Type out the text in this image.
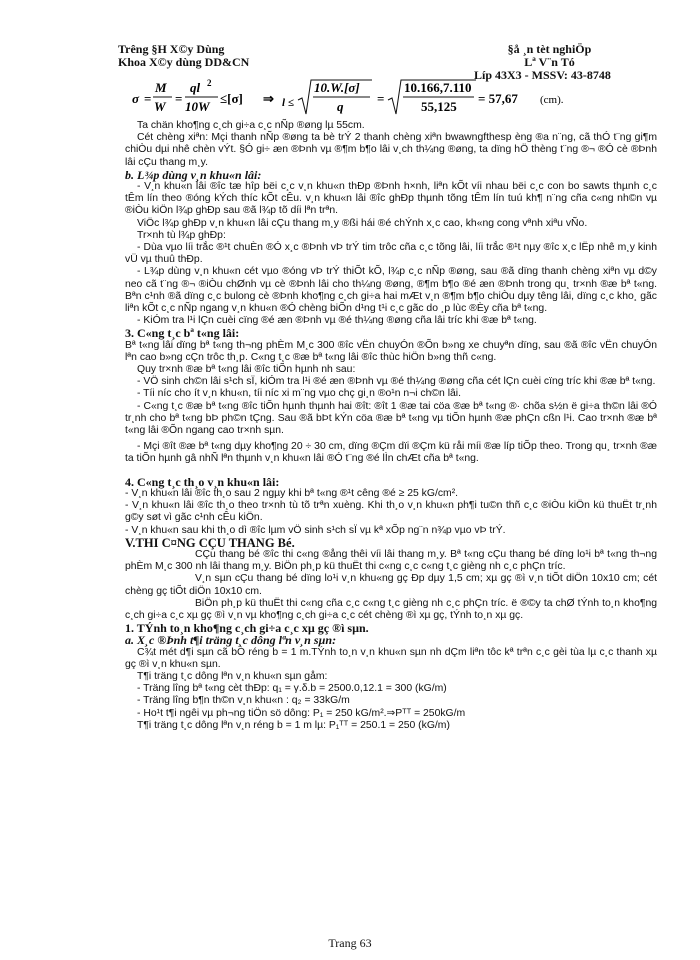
Trêng §H X©y Dùng
Khoa X©y dùng DD&CN
§å ¸n tèt nghiÖp
Lª V¨n Tó
Líp 43X3 - MSSV: 43-8748
σ =
M
W
=
ql 2
10W
≤[σ] ⇒ l ≤
10.W.[σ]
q
=
10.166,7.110
55,125
= 57,67 (cm).

Ta chän kho¶ng c¸ch gi÷a c¸c nÑp ®øng lµ 55cm.

Cét chèng xiªn: Mçi thanh nÑp ®øng ta bè trÝ 2 thanh chèng xiªn bwawngfthesp èng ®a n¨ng, cã thÓ t¨ng gi¶m chiÒu dµi nhê chèn vÝt. §Ó gi÷ æn ®Þnh vµ ®¶m b¶o lâi v¸ch th¼ng ®øng, ta dïng hÖ thèng t¨ng ®¬ ®Ó cè ®Þnh lâi cÇu thang m¸y.

b. L¾p dùng v¸n khu«n lâi:

- V¸n khu«n lâi ®îc tæ hîp bëi c¸c v¸n khu«n thÐp ®Þnh h×nh, liªn kÕt víi nhau bëi c¸c con bo sawts thµnh c¸c tÊm lín theo ®óng kÝch thíc kÕt cÊu. v¸n khu«n lâi ®îc ghÐp thµnh tõng tÊm lín tuú kh¶ n¨ng cña c«ng nh©n vµ ®iÒu kiÖn l¾p ghÐp sau ®ã l¾p tõ díi lªn trªn.

ViÖc l¾p ghÐp v¸n khu«n lâi cÇu thang m¸y ®ßi hái ®é chÝnh x¸c cao, kh«ng cong vªnh xiªu vÑo.

Tr×nh tù l¾p ghÐp:

- Dùa vµo líi trắc ®¹t chuÈn ®Ó x¸c ®Þnh vÞ trÝ tim trôc cña c¸c tõng lâi, líi trắc ®¹t nµy ®îc x¸c lËp nhê m¸y kinh vÜ vµ thuû thÐp.

- L¾p dùng v¸n khu«n cét vµo ®óng vÞ trÝ thiÕt kÕ, l¾p c¸c nÑp ®øng, sau ®ã dïng thanh chèng xiªn vµ d©y neo cã t¨ng ®¬ ®iÒu chØnh vµ cè ®Þnh lâi cho th¼ng ®øng, ®¶m b¶o ®é æn ®Þnh trong qu¸ tr×nh ®æ bª t«ng. Bªn c¹nh ®ã dïng c¸c bulong cè ®Þnh kho¶ng c¸ch gi÷a hai mÆt v¸n ®¶m b¶o chiÒu dµy têng lâi, dïng c¸c kho¸ gãc liªn kÕt c¸c nÑp ngang v¸n khu«n ®Ó chèng biÕn d¹ng t¹i c¸c gãc do ¸p lùc ®Èy cña bª t«ng.

- KiÓm tra l¹i lÇn cuèi cïng ®é æn ®Þnh vµ ®é th¼ng ®øng cña lâi tríc khi ®æ bª t«ng.

3. C«ng t¸c bª t«ng lâi:

Bª t«ng lâi dïng bª t«ng th¬ng phÈm M¸c 300 ®îc vËn chuyÓn ®Õn b»ng xe chuyªn dïng, sau ®ã ®îc vËn chuyÓn lªn cao b»ng cÇn trôc th¸p. C«ng t¸c ®æ bª t«ng lâi ®îc thùc hiÖn b»ng thñ c«ng.

Quy tr×nh ®æ bª t«ng lâi ®îc tiÕn hµnh nh sau:

- VÖ sinh ch©n lâi s¹ch sÏ, kiÓm tra l¹i ®é æn ®Þnh vµ ®é th¼ng ®øng cña cét lÇn cuèi cïng tríc khi ®æ bª t«ng.

- Tíi níc cho ít v¸n khu«n, tíi níc xi m¨ng vµo chç gi¸n ®o¹n n¬i ch©n lâi.

- C«ng t¸c ®æ bª t«ng ®îc tiÕn hµnh thµnh hai ®ît: ®ît 1 ®æ tai cöa ®æ bª t«ng ®· chõa s½n ë gi÷a th©n lâi ®Ó tr¸nh cho bª t«ng bÞ ph©n tÇng. Sau ®ã bÞt kÝn cöa ®æ bª t«ng vµ tiÕn hµnh ®æ phÇn cßn l¹i. Cao tr×nh ®æ bª t«ng lâi ®Õn ngang cao tr×nh sµn.

- Mçi ®ît ®æ bª t«ng dµy kho¶ng 20 ÷ 30 cm, dïng ®Çm dïi ®Çm kü råi míi ®æ líp tiÕp theo. Trong qu¸ tr×nh ®æ ta tiÕn hµnh gâ nhÑ lªn thµnh v¸n khu«n lâi ®Ó t¨ng ®é lÌn chÆt cña bª t«ng.

4. C«ng t¸c th¸o v¸n khu«n lâi:

- V¸n khu«n lâi ®îc th¸o sau 2 ngµy khi bª t«ng ®¹t cêng ®é ≥ 25 kG/cm².

- V¸n khu«n lâi ®îc th¸o theo tr×nh tù tõ trªn xuèng. Khi th¸o v¸n khu«n ph¶i tu©n thñ c¸c ®iÒu kiÖn kü thuËt tr¸nh g©y søt vì gãc c¹nh cÊu kiÖn.

- V¸n khu«n sau khi th¸o dì ®îc lµm vÖ sinh s¹ch sÏ vµ kª xÕp ng¨n n¾p vµo vÞ trÝ.

V.THI C¤NG CÇU THANG Bé.

CÇu thang bé ®îc thi c«ng ®ång thêi víi lâi thang m¸y. Bª t«ng cÇu thang bé dïng lo¹i bª t«ng th¬ng phÈm M¸c 300 nh lâi thang m¸y. BiÖn ph¸p kü thuËt thi c«ng c¸c c«ng t¸c gièng nh c¸c phÇn tríc.

V¸n sµn cÇu thang bé dïng lo¹i v¸n khu«ng gç Ðp dµy 1,5 cm; xµ gç ®ì v¸n tiÕt diÖn 10x10 cm; cét chèng gç tiÕt diÖn 10x10 cm.

BiÖn ph¸p kü thuËt thi c«ng cña c¸c c«ng t¸c gièng nh c¸c phÇn tríc. ë ®©y ta chØ tÝnh to¸n kho¶ng c¸ch gi÷a c¸c xµ gç ®ì v¸n vµ kho¶ng c¸ch gi÷a c¸c cét chèng ®ì xµ gç, tÝnh to¸n xµ gç.

1. TÝnh to¸n kho¶ng c¸ch gi÷a c¸c xµ gç ®ì sµn.

a. X¸c ®Þnh t¶i träng t¸c dông lªn v¸n sµn:

C¾t mét d¶i sµn cã bÒ réng b = 1 m.TÝnh to¸n v¸n khu«n sµn nh dÇm liªn tôc kª trªn c¸c gèi tùa lµ c¸c thanh xµ gç ®ì v¸n khu«n sµn.

T¶i träng t¸c dông lªn v¸n khu«n sµn gåm:

- Träng lîng bª t«ng cèt thÐp: q₁ = γ.δ.b = 2500.0,12.1 = 300 (kG/m)

- Träng lîng b¶n th©n v¸n khu«n : q₂ = 33kG/m

- Ho¹t t¶i ngêi vµ ph¬ng tiÖn sö dông: P₁ = 250 kG/m².⇒Pᵀᵀ = 250kG/m

T¶i träng t¸c dông lªn v¸n réng b = 1 m lµ: P₁ᵀᵀ = 250.1 = 250 (kG/m)

Trang 63
